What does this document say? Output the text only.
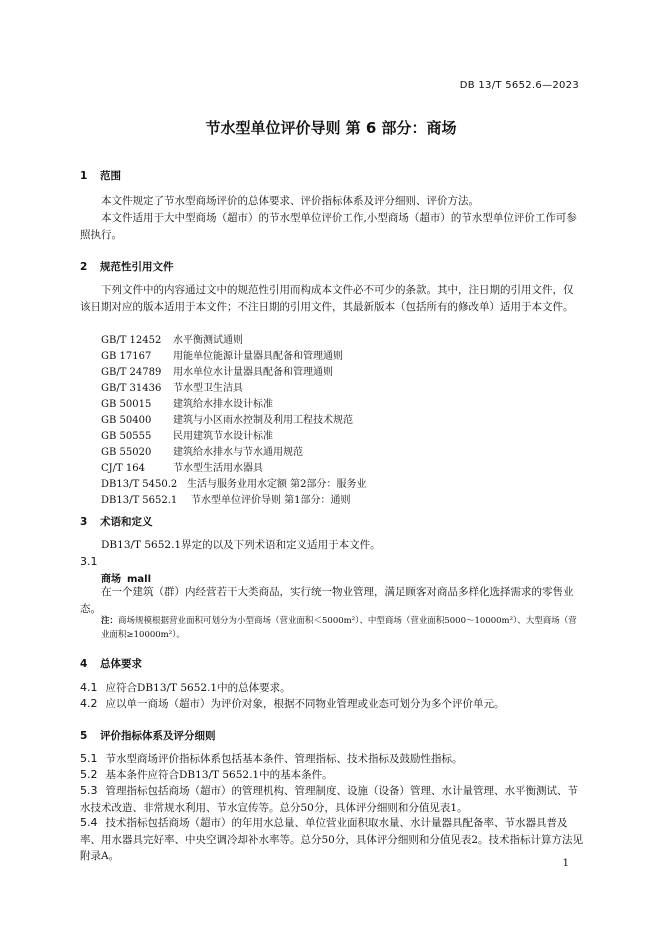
DB 13/T 5652.6—2023
节水型单位评价导则 第 6 部分：商场
1 范围
本文件规定了节水型商场评价的总体要求、评价指标体系及评分细则、评价方法。
本文件适用于大中型商场（超市）的节水型单位评价工作,小型商场（超市）的节水型单位评价工作可参照执行。
2 规范性引用文件
下列文件中的内容通过文中的规范性引用而构成本文件必不可少的条款。其中，注日期的引用文件，仅该日期对应的版本适用于本文件；不注日期的引用文件，其最新版本（包括所有的修改单）适用于本文件。
GB/T 12452 水平衡测试通则
GB 17167 用能单位能源计量器具配备和管理通则
GB/T 24789 用水单位水计量器具配备和管理通则
GB/T 31436 节水型卫生洁具
GB 50015 建筑给水排水设计标准
GB 50400 建筑与小区雨水控制及利用工程技术规范
GB 50555 民用建筑节水设计标准
GB 55020 建筑给水排水与节水通用规范
CJ/T 164	节水型生活用水器具
DB13/T 5450.2 生活与服务业用水定额 第2部分：服务业
DB13/T 5652.1 节水型单位评价导则 第1部分：通则
3 术语和定义
DB13/T 5652.1界定的以及下列术语和定义适用于本文件。
3.1
商场 mall
在一个建筑（群）内经营若干大类商品，实行统一物业管理，满足顾客对商品多样化选择需求的零售业态。
注：商场规模根据营业面积可划分为小型商场（营业面积＜5000m²）、中型商场（营业面积5000～10000m²）、大型商场（营业面积≥10000m²）。
4 总体要求
4.1 应符合DB13/T 5652.1中的总体要求。
4.2 应以单一商场（超市）为评价对象，根据不同物业管理或业态可划分为多个评价单元。
5 评价指标体系及评分细则
5.1 节水型商场评价指标体系包括基本条件、管理指标、技术指标及鼓励性指标。
5.2 基本条件应符合DB13/T 5652.1中的基本条件。
5.3 管理指标包括商场（超市）的管理机构、管理制度、设施（设备）管理、水计量管理、水平衡测试、节水技术改造、非常规水利用、节水宣传等。总分50分，具体评分细则和分值见表1。
5.4 技术指标包括商场（超市）的年用水总量、单位营业面积取水量、水计量器具配备率、节水器具普及率、用水器具完好率、中央空调冷却补水率等。总分50分，具体评分细则和分值见表2。技术指标计算方法见附录A。
1
